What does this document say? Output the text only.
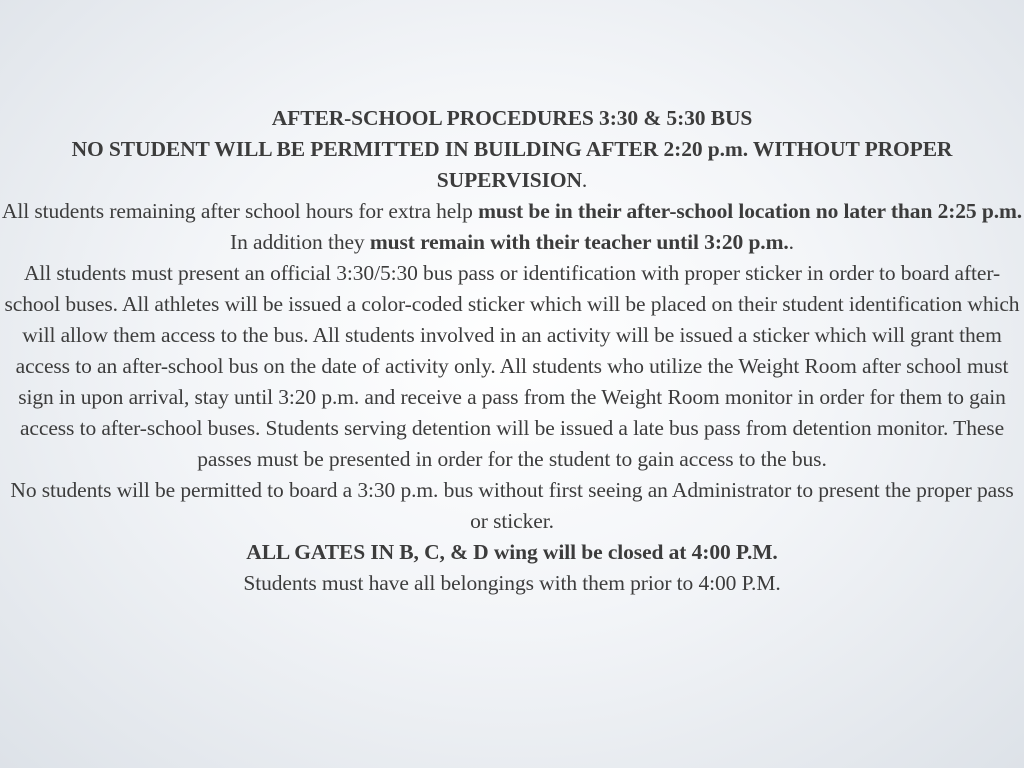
AFTER-SCHOOL PROCEDURES 3:30 & 5:30 BUS

NO STUDENT WILL BE PERMITTED IN BUILDING AFTER 2:20 p.m. WITHOUT PROPER SUPERVISION.

All students remaining after school hours for extra help must be in their after-school location no later than 2:25 p.m. In addition they must remain with their teacher until 3:20 p.m..

All students must present an official 3:30/5:30 bus pass or identification with proper sticker in order to board after-school buses. All athletes will be issued a color-coded sticker which will be placed on their student identification which will allow them access to the bus. All students involved in an activity will be issued a sticker which will grant them access to an after-school bus on the date of activity only. All students who utilize the Weight Room after school must sign in upon arrival, stay until 3:20 p.m. and receive a pass from the Weight Room monitor in order for them to gain access to after-school buses. Students serving detention will be issued a late bus pass from detention monitor. These passes must be presented in order for the student to gain access to the bus.

No students will be permitted to board a 3:30 p.m. bus without first seeing an Administrator to present the proper pass or sticker.

ALL GATES IN B, C, & D wing will be closed at 4:00 P.M.

Students must have all belongings with them prior to 4:00 P.M.
